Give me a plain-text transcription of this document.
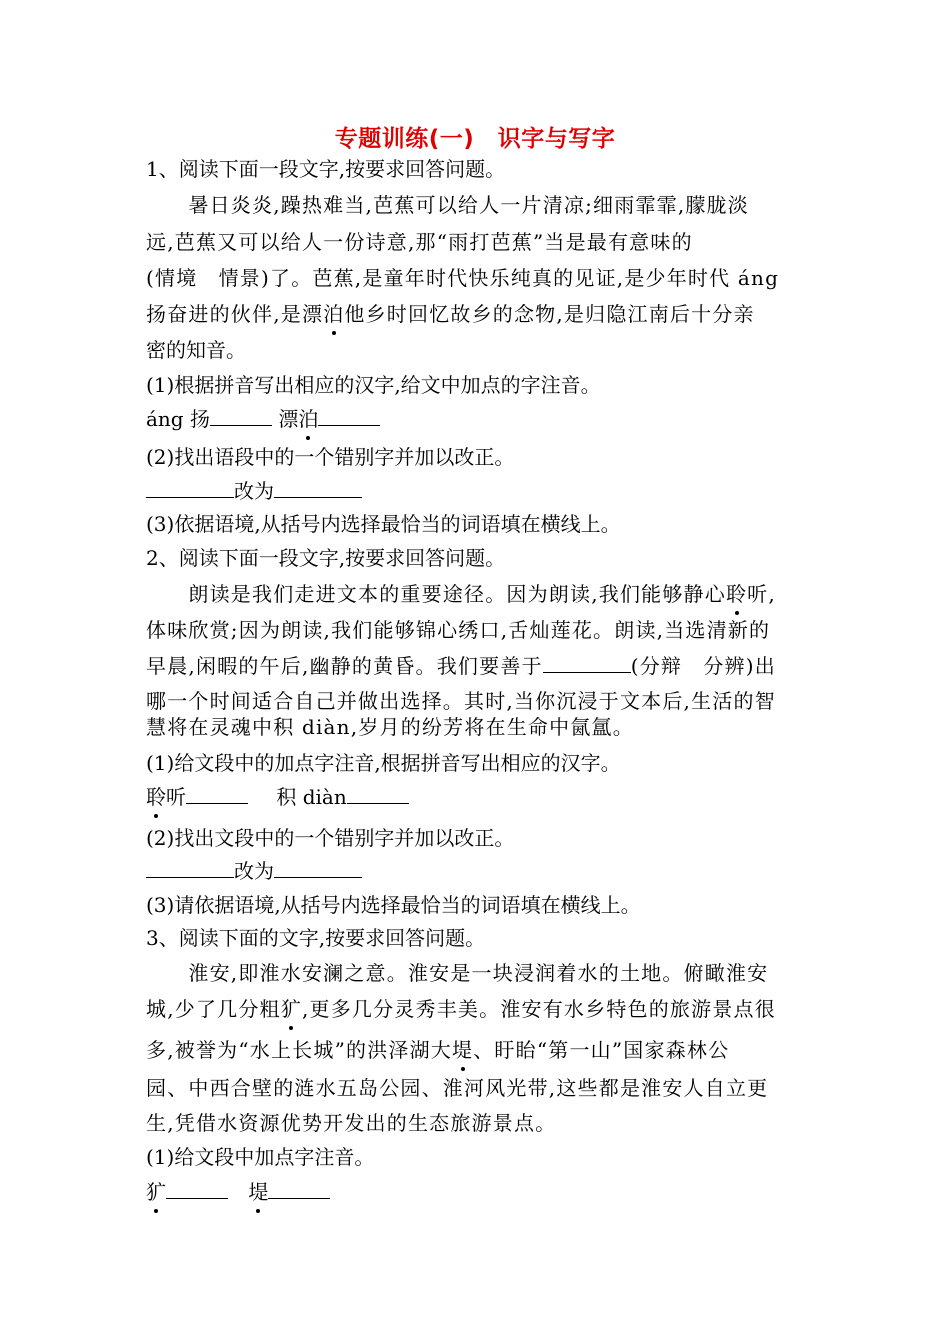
专题训练(一)　识字与写字
1、阅读下面一段文字,按要求回答问题。
　　暑日炎炎,躁热难当,芭蕉可以给人一片清凉;细雨霏霏,朦胧淡
远,芭蕉又可以给人一份诗意,那“雨打芭蕉”当是最有意味的
(情境　情景)了。芭蕉,是童年时代快乐纯真的见证,是少年时代 áng
扬奋进的伙伴,是漂泊他乡时回忆故乡的念物,是归隐江南后十分亲
密的知音。
(1)根据拼音写出相应的汉字,给文中加点的字注音。
áng 扬	漂泊
(2)找出语段中的一个错别字并加以改正。
改为
(3)依据语境,从括号内选择最恰当的词语填在横线上。
2、阅读下面一段文字,按要求回答问题。
　　朗读是我们走进文本的重要途径。因为朗读,我们能够静心聆听,
体味欣赏;因为朗读,我们能够锦心绣口,舌灿莲花。朗读,当选清新的
早晨,闲暇的午后,幽静的黄昏。我们要善于	(分辩　分辨)出
哪一个时间适合自己并做出选择。其时,当你沉浸于文本后,生活的智
慧将在灵魂中积 diàn,岁月的纷芳将在生命中氤氲。
(1)给文段中的加点字注音,根据拼音写出相应的汉字。
聆听	积 diàn
(2)找出文段中的一个错别字并加以改正。
改为
(3)请依据语境,从括号内选择最恰当的词语填在横线上。
3、阅读下面的文字,按要求回答问题。
　　淮安,即淮水安澜之意。淮安是一块浸润着水的土地。俯瞰淮安
城,少了几分粗犷,更多几分灵秀丰美。淮安有水乡特色的旅游景点很
多,被誉为“水上长城”的洪泽湖大堤、盱眙“第一山”国家森林公
园、中西合壁的涟水五岛公园、淮河风光带,这些都是淮安人自立更
生,凭借水资源优势开发出的生态旅游景点。
(1)给文段中加点字注音。
犷	堤
